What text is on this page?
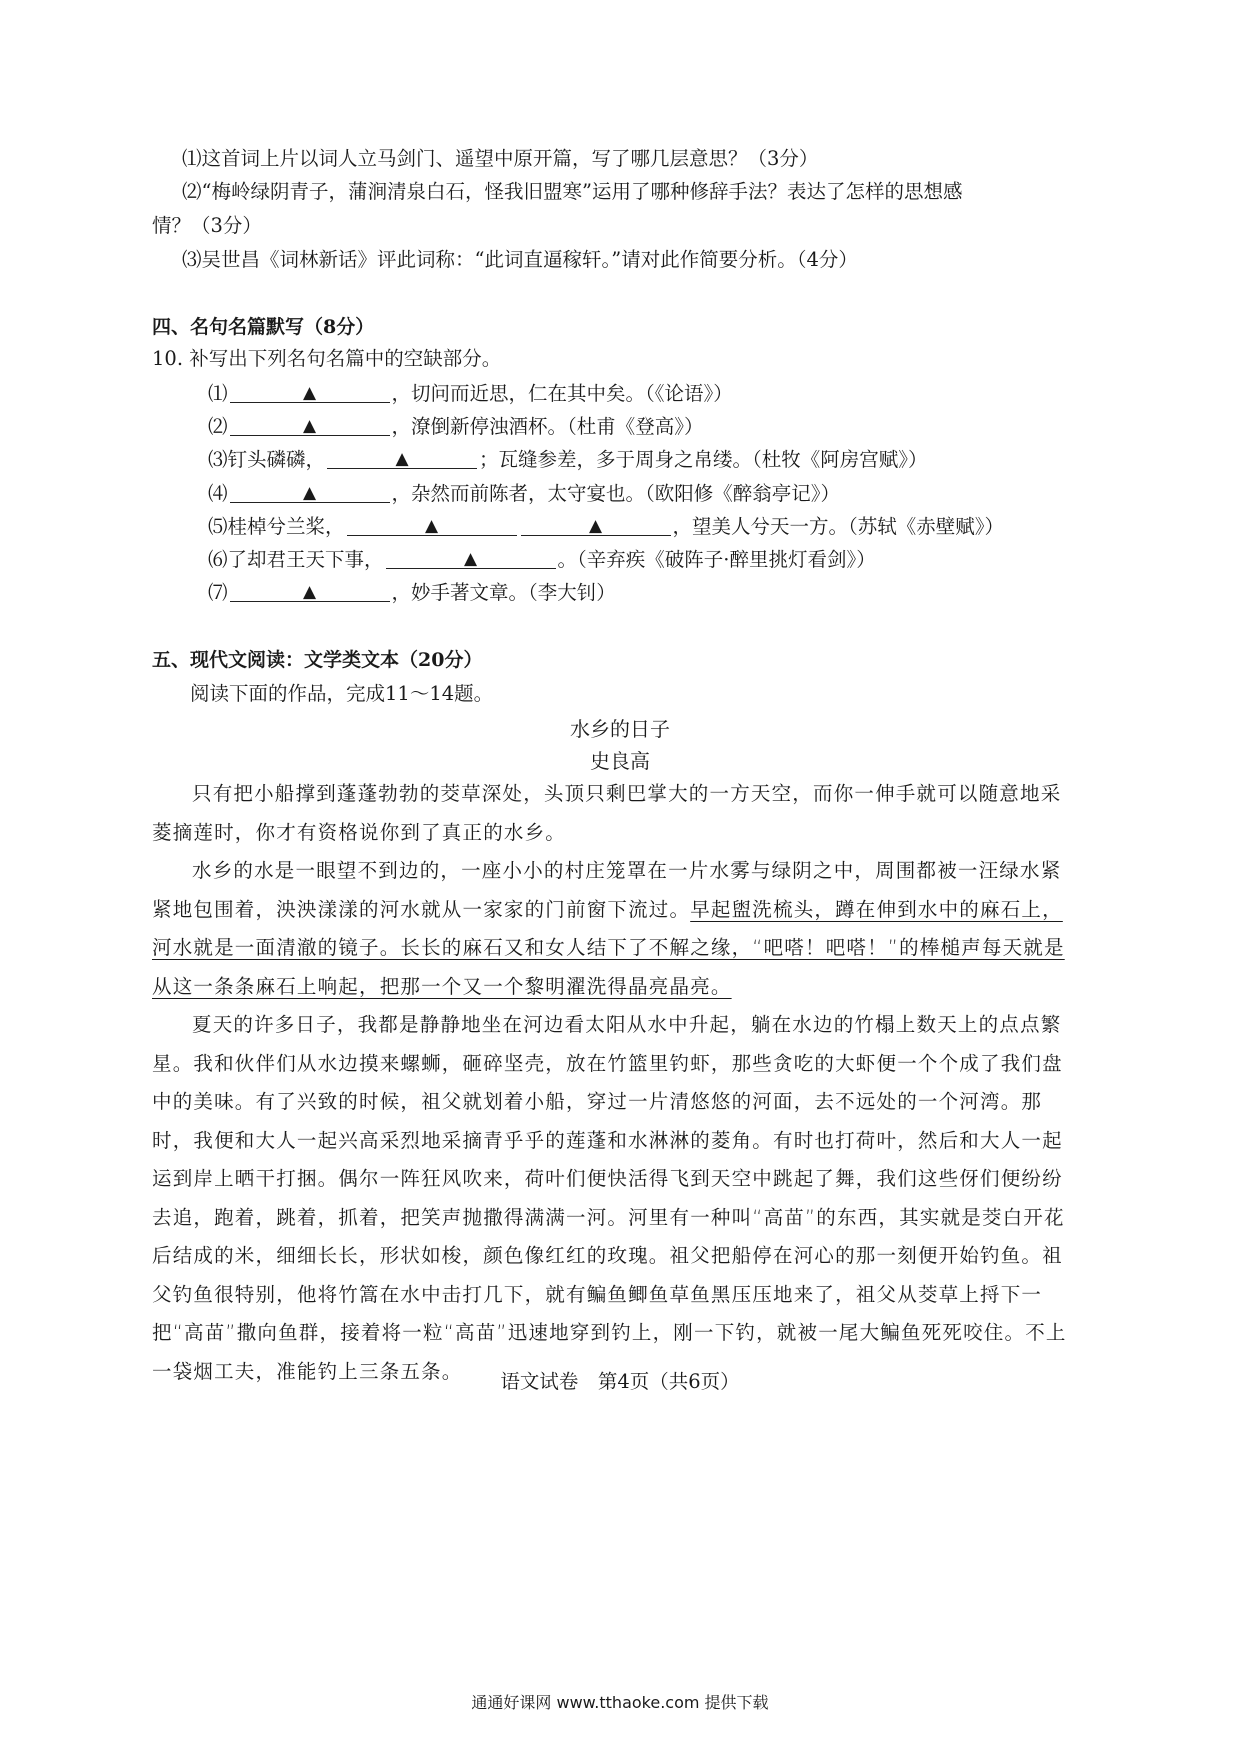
⑴这首词上片以词人立马剑门、遥望中原开篇，写了哪几层意思？（3分）
⑵“梅岭绿阴青子，蒲涧清泉白石，怪我旧盟寒”运用了哪种修辞手法？表达了怎样的思想感
情？（3分）
⑶吴世昌《词林新话》评此词称：“此词直逼稼轩。”请对此作简要分析。（4分）
四、名句名篇默写（8分）
10. 补写出下列名句名篇中的空缺部分。
⑴	▲	，切问而近思，仁在其中矣。（《论语》）
⑵	▲	，潦倒新停浊酒杯。（杜甫《登高》）
⑶钉头磷磷，	▲	；瓦缝参差，多于周身之帛缕。（杜牧《阿房宫赋》）
⑷	▲	，杂然而前陈者，太守宴也。（欧阳修《醉翁亭记》）
⑸桂棹兮兰桨，	▲	▲	，望美人兮天一方。（苏轼《赤壁赋》）
⑹了却君王天下事，	▲	。（辛弃疾《破阵子·醉里挑灯看剑》）
⑺	▲	，妙手著文章。（李大钊）
五、现代文阅读：文学类文本（20分）
阅读下面的作品，完成11～14题。
水乡的日子
史良高
只有把小船撑到蓬蓬勃勃的茭草深处，头顶只剩巴掌大的一方天空，而你一伸手就可以随意地采菱摘莲时，你才有资格说你到了真正的水乡。
水乡的水是一眼望不到边的，一座小小的村庄笼罩在一片水雾与绿阴之中，周围都被一汪绿水紧紧地包围着，泱泱漾漾的河水就从一家家的门前窗下流过。早起盥洗梳头，蹲在伸到水中的麻石上，河水就是一面清澈的镜子。长长的麻石又和女人结下了不解之缘，“吧嗒！吧嗒！”的棒槌声每天就是从这一条条麻石上响起，把那一个又一个黎明濯洗得晶亮晶亮。
夏天的许多日子，我都是静静地坐在河边看太阳从水中升起，躺在水边的竹榻上数天上的点点繁星。我和伙伴们从水边摸来螺蛳，砸碎坚壳，放在竹篮里钓虾，那些贪吃的大虾便一个个成了我们盘中的美味。有了兴致的时候，祖父就划着小船，穿过一片清悠悠的河面，去不远处的一个河湾。那时，我便和大人一起兴高采烈地采摘青乎乎的莲蓬和水淋淋的菱角。有时也打荷叶，然后和大人一起运到岸上晒干打捆。偶尔一阵狂风吹来，荷叶们便快活得飞到天空中跳起了舞，我们这些伢们便纷纷去追，跑着，跳着，抓着，把笑声抛撒得满满一河。河里有一种叫“高苗”的东西，其实就是茭白开花后结成的米，细细长长，形状如梭，颜色像红红的玫瑰。祖父把船停在河心的那一刻便开始钓鱼。祖父钓鱼很特别，他将竹篙在水中击打几下，就有鳊鱼鲫鱼草鱼黑压压地来了，祖父从茭草上捋下一把“高苗”撒向鱼群，接着将一粒“高苗”迅速地穿到钓上，刚一下钓，就被一尾大鳊鱼死死咬住。不上一袋烟工夫，准能钓上三条五条。	语文试卷　第4页（共6页）
通通好课网 www.tthaoke.com 提供下载
